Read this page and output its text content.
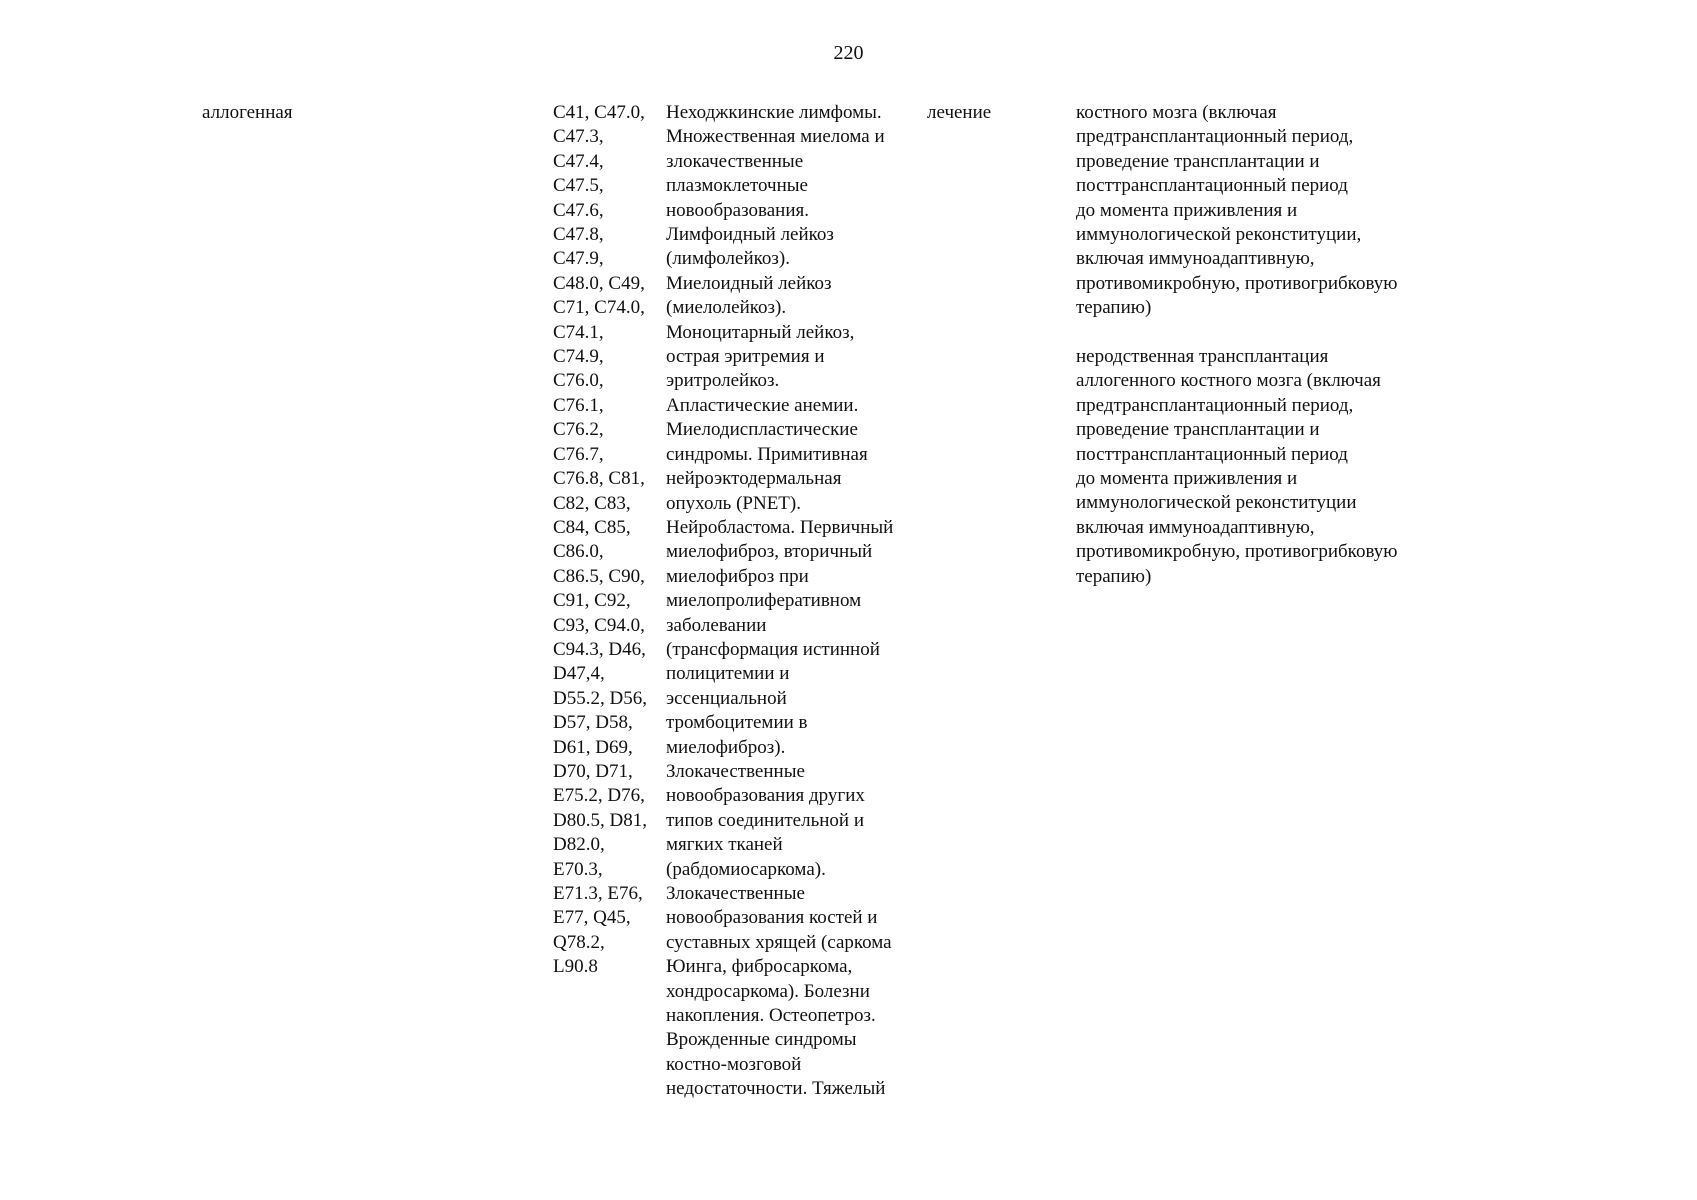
220
аллогенная	C41, C47.0,
C47.3,
C47.4,
C47.5,
C47.6,
C47.8,
C47.9,
C48.0, C49,
C71, C74.0,
C74.1,
C74.9,
C76.0,
C76.1,
C76.2,
C76.7,
C76.8, C81,
C82, C83,
C84, C85,
C86.0,
C86.5, C90,
C91, C92,
C93, C94.0,
C94.3, D46,
D47,4,
D55.2, D56,
D57, D58,
D61, D69,
D70, D71,
E75.2, D76,
D80.5, D81,
D82.0,
E70.3,
E71.3, E76,
E77, Q45,
Q78.2,
L90.8
Неходжкинские лимфомы.
Множественная миелома и
злокачественные
плазмоклеточные
новообразования.
Лимфоидный лейкоз
(лимфолейкоз).
Миелоидный лейкоз
(миелолейкоз).
Моноцитарный лейкоз,
острая эритремия и
эритролейкоз.
Апластические анемии.
Миелодиспластические
синдромы. Примитивная
нейроэктодермальная
опухоль (PNET).
Нейробластома. Первичный
миелофиброз, вторичный
миелофиброз при
миелопролиферативном
заболевании
(трансформация истинной
полицитемии и
эссенциальной
тромбоцитемии в
миелофиброз).
Злокачественные
новообразования других
типов соединительной и
мягких тканей
(рабдомиосаркома).
Злокачественные
новообразования костей и
суставных хрящей (саркома
Юинга, фибросаркома,
хондросаркома). Болезни
накопления. Остеопетроз.
Врожденные синдромы
костно-мозговой
недостаточности. Тяжелый
лечение	костного мозга (включая
предтрансплантационный период,
проведение трансплантации и
посттрансплантационный период
до момента приживления и
иммунологической реконституции,
включая иммуноадаптивную,
противомикробную, противогрибковую
терапию)
неродственная трансплантация
аллогенного костного мозга (включая
предтрансплантационный период,
проведение трансплантации и
посттрансплантационный период
до момента приживления и
иммунологической реконституции
включая иммуноадаптивную,
противомикробную, противогрибковую
терапию)
